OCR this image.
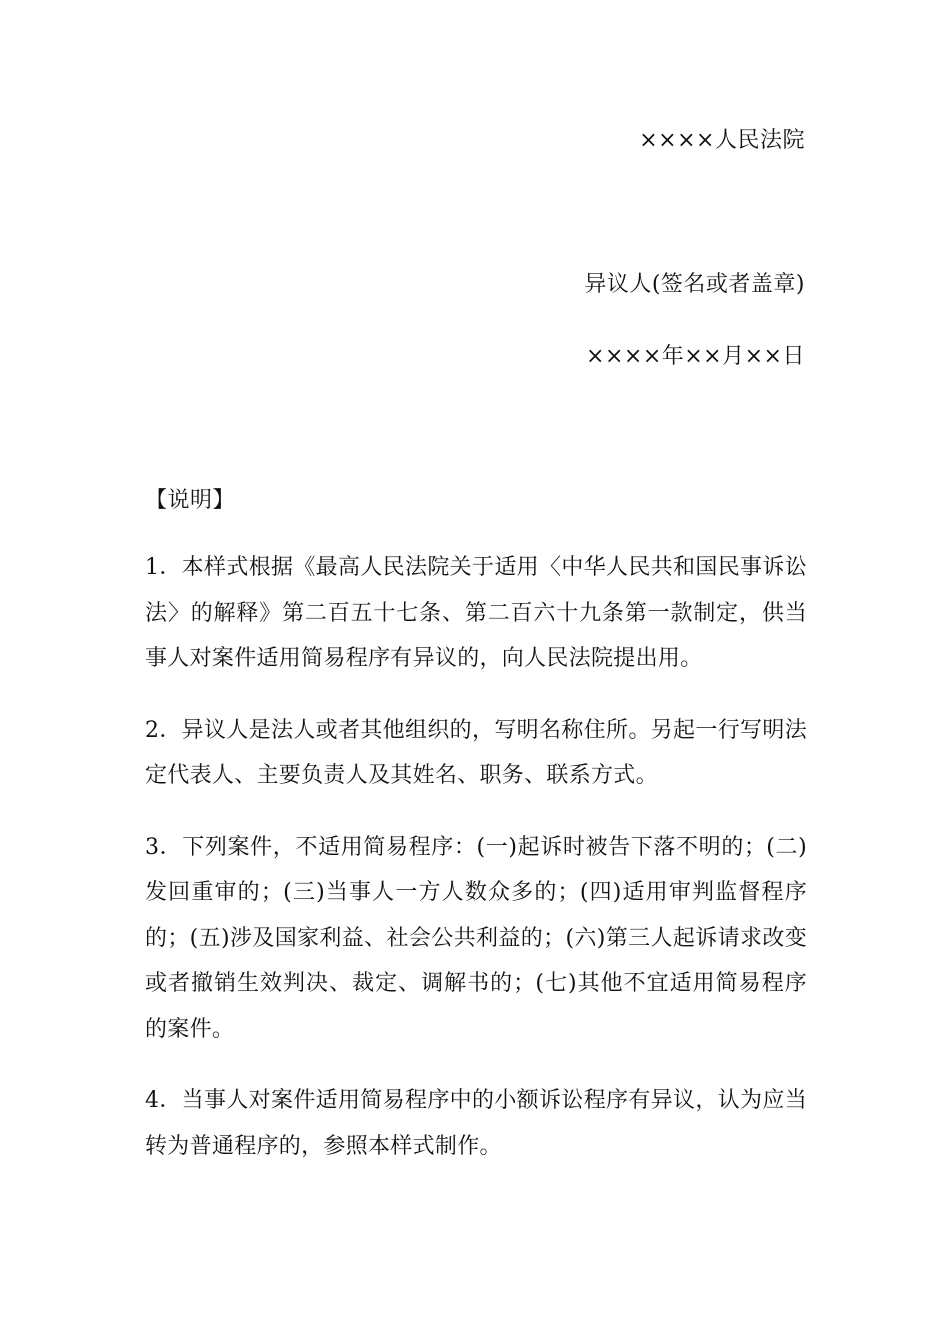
××××人民法院
异议人(签名或者盖章)
××××年××月××日
【说明】

1．本样式根据《最高人民法院关于适用〈中华人民共和国民事诉讼法〉的解释》第二百五十七条、第二百六十九条第一款制定，供当事人对案件适用简易程序有异议的，向人民法院提出用。

2．异议人是法人或者其他组织的，写明名称住所。另起一行写明法定代表人、主要负责人及其姓名、职务、联系方式。

3．下列案件，不适用简易程序：(一)起诉时被告下落不明的；(二)发回重审的；(三)当事人一方人数众多的；(四)适用审判监督程序的；(五)涉及国家利益、社会公共利益的；(六)第三人起诉请求改变或者撤销生效判决、裁定、调解书的；(七)其他不宜适用简易程序的案件。

4．当事人对案件适用简易程序中的小额诉讼程序有异议，认为应当转为普通程序的，参照本样式制作。
